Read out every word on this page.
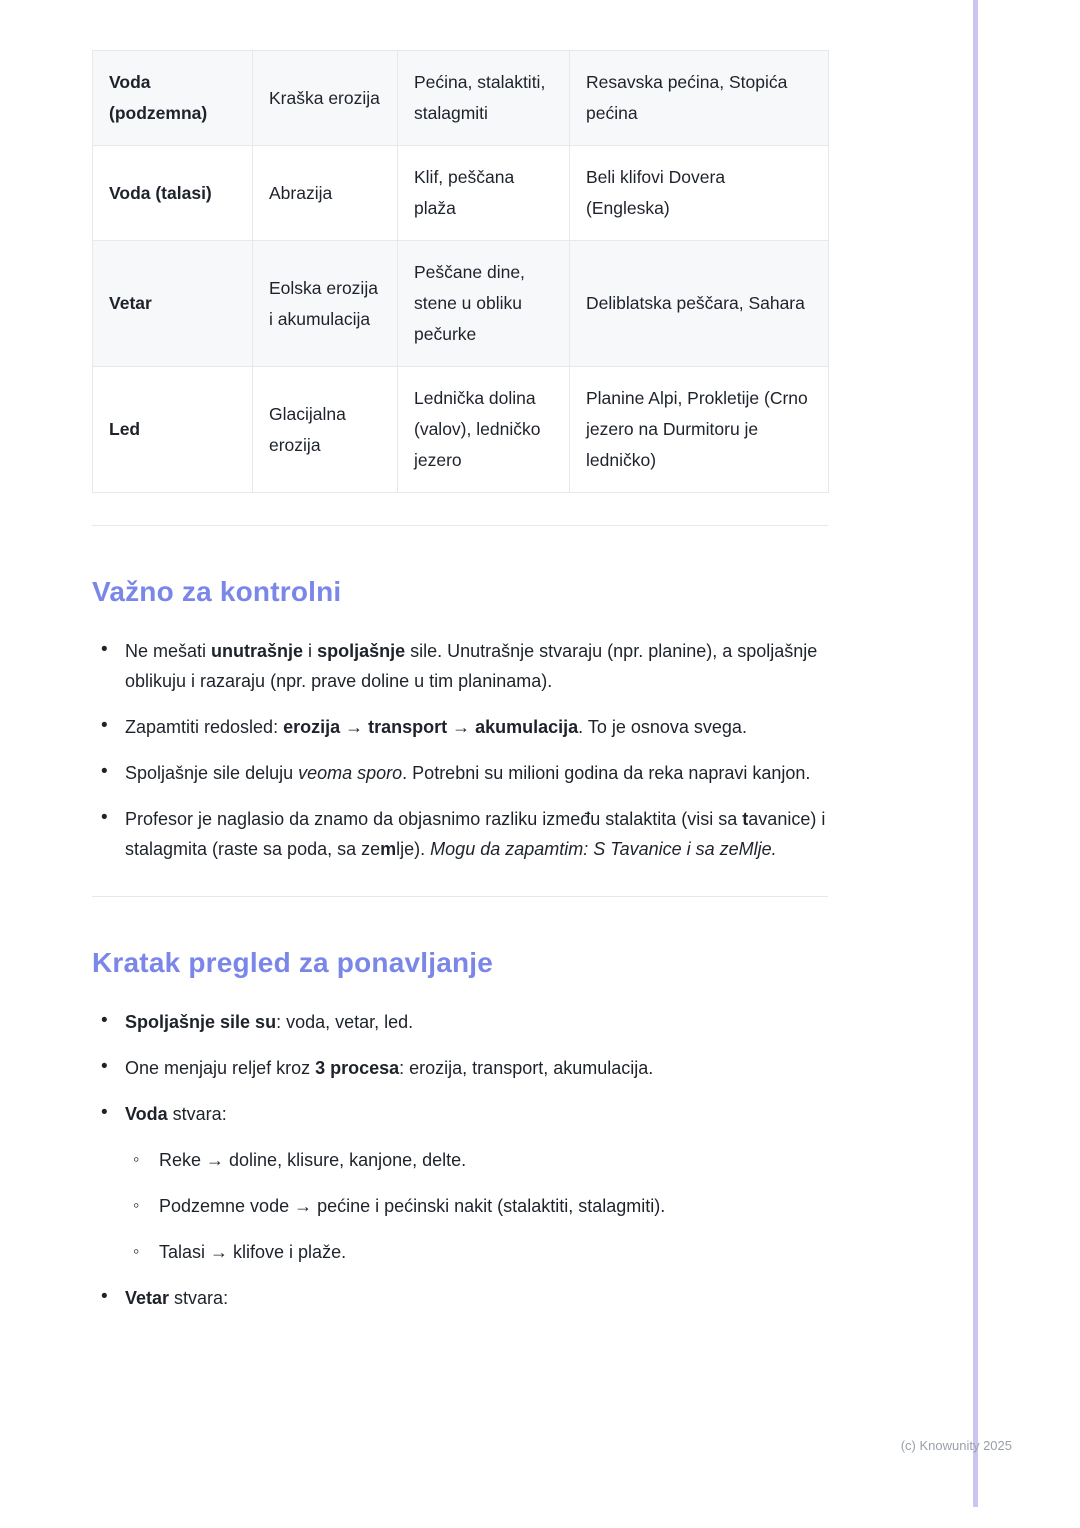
Voda (podzemna)	Kraška erozija	Pećina, stalaktiti, stalagmiti	Resavska pećina, Stopića pećina
Voda (talasi)	Abrazija	Klif, peščana plaža	Beli klifovi Dovera (Engleska)
Vetar	Eolska erozija i akumulacija	Peščane dine, stene u obliku pečurke	Deliblatska peščara, Sahara
Led	Glacijalna erozija	Lednička dolina (valov), ledničko jezero	Planine Alpi, Prokletije (Crno jezero na Durmitoru je ledničko)
Važno za kontrolni
• Ne mešati unutrašnje i spoljašnje sile. Unutrašnje stvaraju (npr. planine), a spoljašnje oblikuju i razaraju (npr. prave doline u tim planinama).
• Zapamtiti redosled: erozija → transport → akumulacija. To je osnova svega.
• Spoljašnje sile deluju veoma sporo. Potrebni su milioni godina da reka napravi kanjon.
• Profesor je naglasio da znamo da objasnimo razliku između stalaktita (visi sa tavanice) i stalagmita (raste sa poda, sa zemlje). Mogu da zapamtim: S Tavanice i sa zeMlje.
Kratak pregled za ponavljanje
• Spoljašnje sile su: voda, vetar, led.
• One menjaju reljef kroz 3 procesa: erozija, transport, akumulacija.
• Voda stvara:
◦ Reke → doline, klisure, kanjone, delte.
◦ Podzemne vode → pećine i pećinski nakit (stalaktiti, stalagmiti).
◦ Talasi → klifove i plaže.
• Vetar stvara:
(c) Knowunity 2025
